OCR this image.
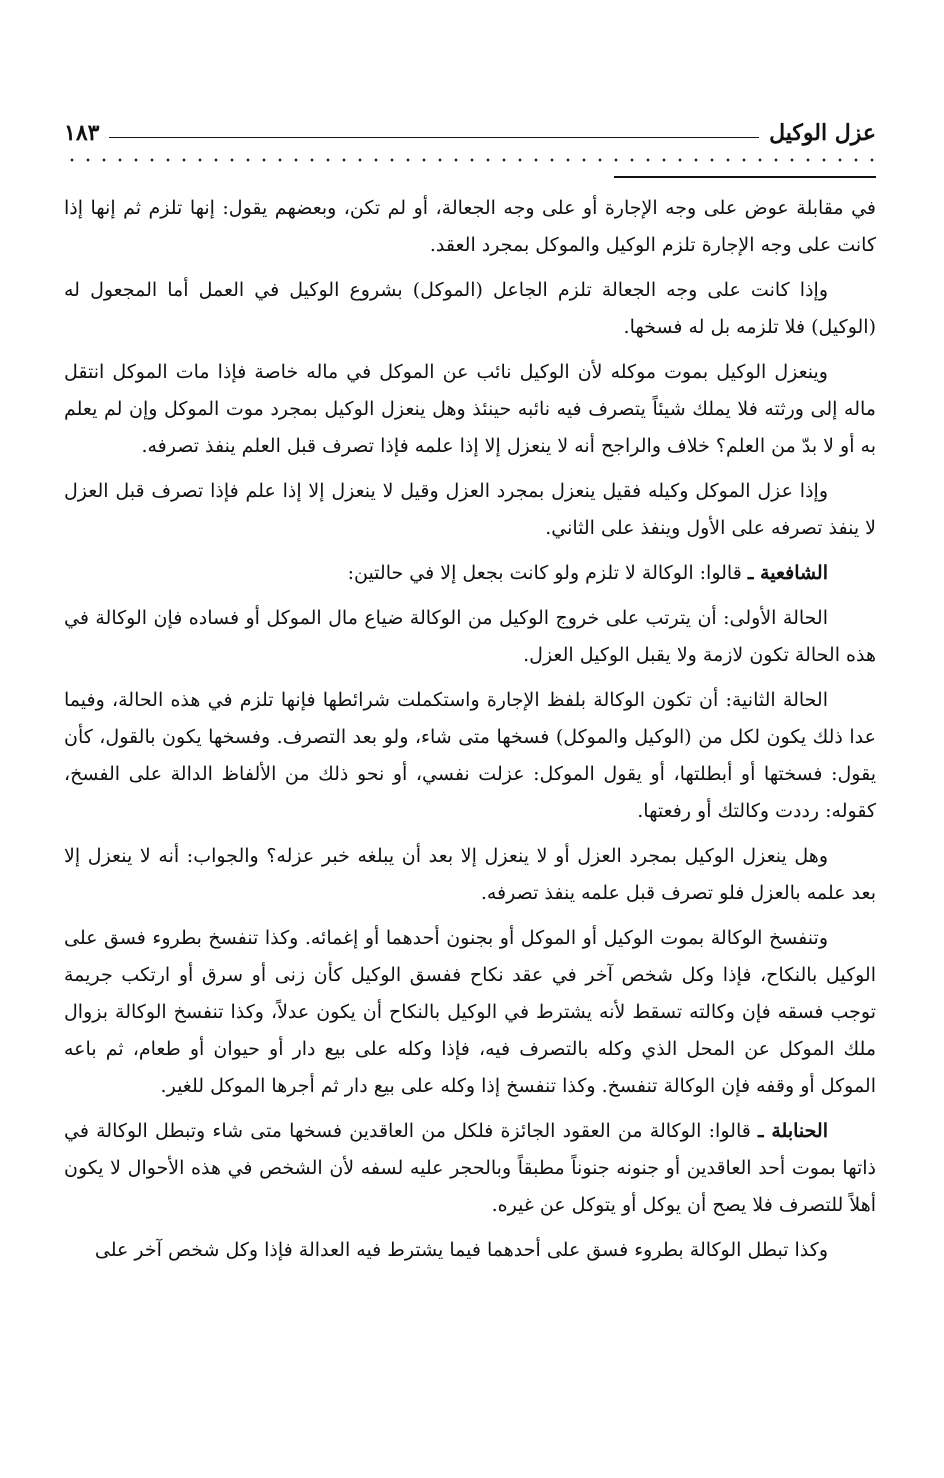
عزل الوكيل
١٨٣

في مقابلة عوض على وجه الإجارة أو على وجه الجعالة، أو لم تكن، وبعضهم يقول: إنها تلزم ثم إنها إذا كانت على وجه الإجارة تلزم الوكيل والموكل بمجرد العقد.

وإذا كانت على وجه الجعالة تلزم الجاعل (الموكل) بشروع الوكيل في العمل أما المجعول له (الوكيل) فلا تلزمه بل له فسخها.

وينعزل الوكيل بموت موكله لأن الوكيل نائب عن الموكل في ماله خاصة فإذا مات الموكل انتقل ماله إلى ورثته فلا يملك شيئاً يتصرف فيه نائبه حينئذ وهل ينعزل الوكيل بمجرد موت الموكل وإن لم يعلم به أو لا بدّ من العلم؟ خلاف والراجح أنه لا ينعزل إلا إذا علمه فإذا تصرف قبل العلم ينفذ تصرفه.

وإذا عزل الموكل وكيله فقيل ينعزل بمجرد العزل وقيل لا ينعزل إلا إذا علم فإذا تصرف قبل العزل لا ينفذ تصرفه على الأول وينفذ على الثاني.

الشافعية ـ قالوا: الوكالة لا تلزم ولو كانت بجعل إلا في حالتين:

الحالة الأولى: أن يترتب على خروج الوكيل من الوكالة ضياع مال الموكل أو فساده فإن الوكالة في هذه الحالة تكون لازمة ولا يقبل الوكيل العزل.

الحالة الثانية: أن تكون الوكالة بلفظ الإجارة واستكملت شرائطها فإنها تلزم في هذه الحالة، وفيما عدا ذلك يكون لكل من (الوكيل والموكل) فسخها متى شاء، ولو بعد التصرف. وفسخها يكون بالقول، كأن يقول: فسختها أو أبطلتها، أو يقول الموكل: عزلت نفسي، أو نحو ذلك من الألفاظ الدالة على الفسخ، كقوله: رددت وكالتك أو رفعتها.

وهل ينعزل الوكيل بمجرد العزل أو لا ينعزل إلا بعد أن يبلغه خبر عزله؟ والجواب: أنه لا ينعزل إلا بعد علمه بالعزل فلو تصرف قبل علمه ينفذ تصرفه.

وتنفسخ الوكالة بموت الوكيل أو الموكل أو بجنون أحدهما أو إغمائه. وكذا تنفسخ بطروء فسق على الوكيل بالنكاح، فإذا وكل شخص آخر في عقد نكاح ففسق الوكيل كأن زنى أو سرق أو ارتكب جريمة توجب فسقه فإن وكالته تسقط لأنه يشترط في الوكيل بالنكاح أن يكون عدلاً، وكذا تنفسخ الوكالة بزوال ملك الموكل عن المحل الذي وكله بالتصرف فيه، فإذا وكله على بيع دار أو حيوان أو طعام، ثم باعه الموكل أو وقفه فإن الوكالة تنفسخ. وكذا تنفسخ إذا وكله على بيع دار ثم أجرها الموكل للغير.

الحنابلة ـ قالوا: الوكالة من العقود الجائزة فلكل من العاقدين فسخها متى شاء وتبطل الوكالة في ذاتها بموت أحد العاقدين أو جنونه جنوناً مطبقاً وبالحجر عليه لسفه لأن الشخص في هذه الأحوال لا يكون أهلاً للتصرف فلا يصح أن يوكل أو يتوكل عن غيره.

وكذا تبطل الوكالة بطروء فسق على أحدهما فيما يشترط فيه العدالة فإذا وكل شخص آخر على
